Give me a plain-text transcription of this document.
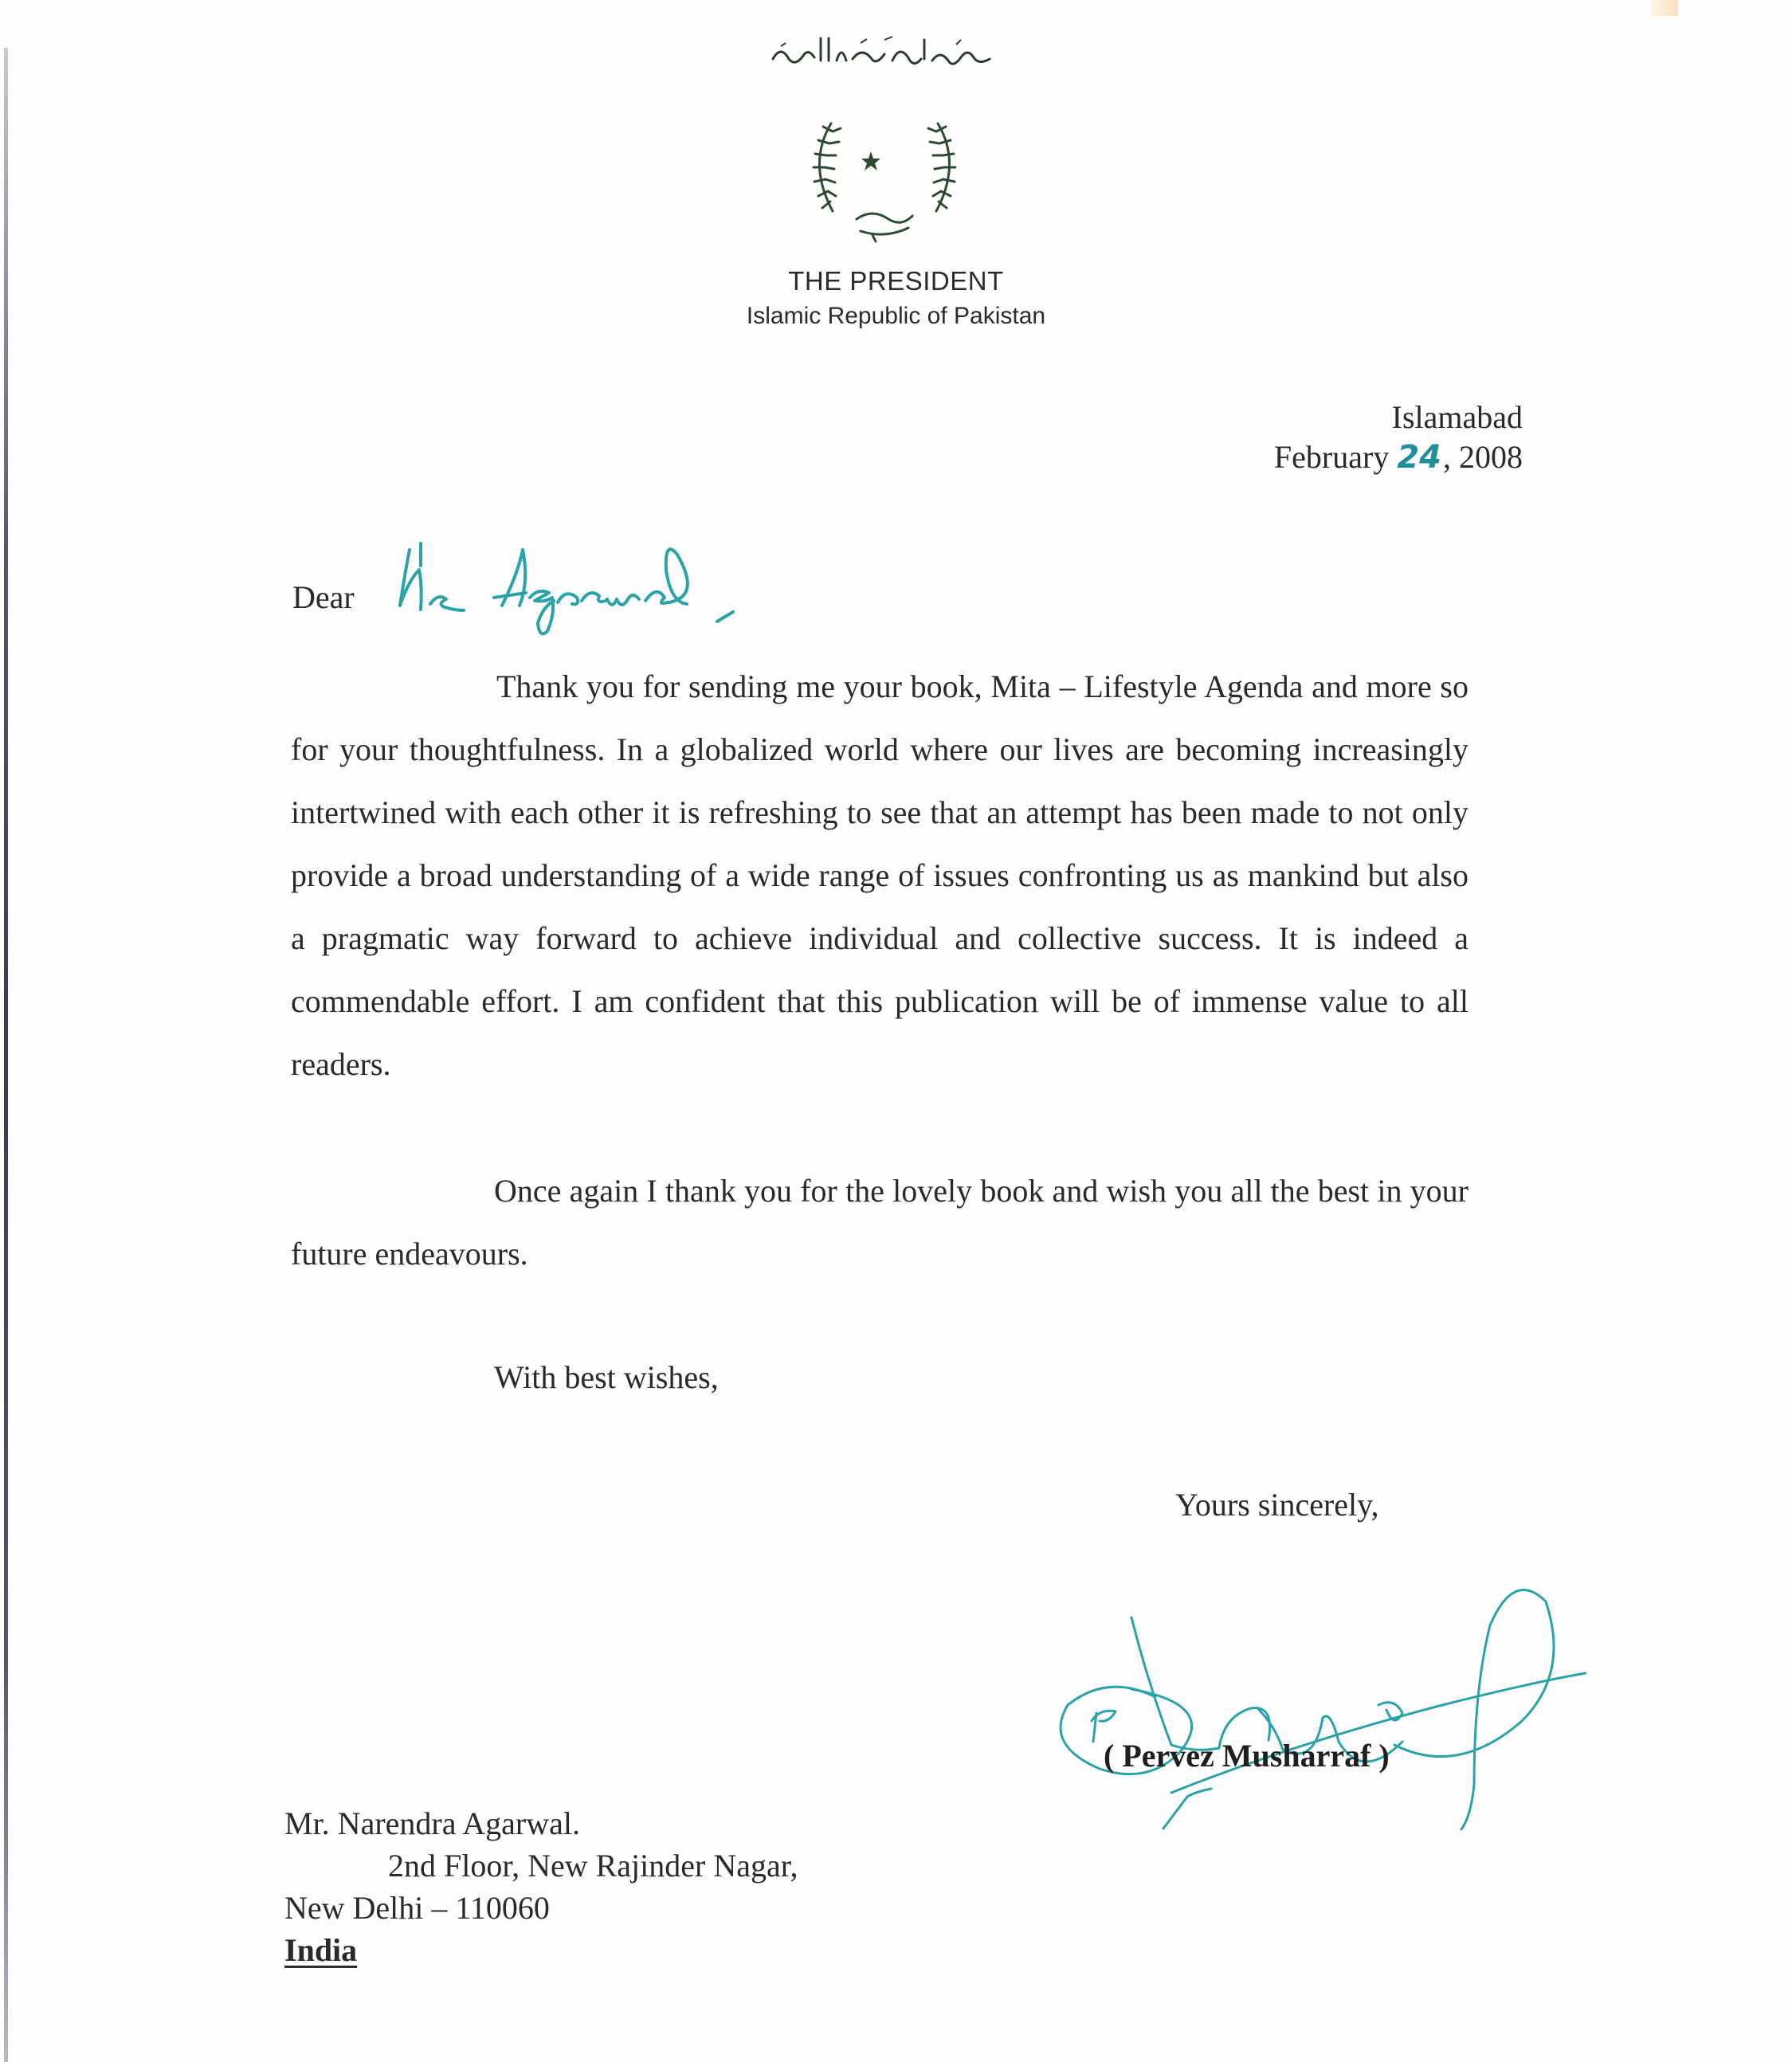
THE PRESIDENT
Islamic Republic of Pakistan
Islamabad
February 24, 2008
Dear
Thank you for sending me your book, Mita – Lifestyle Agenda and more so for your thoughtfulness. In a globalized world where our lives are becoming increasingly intertwined with each other it is refreshing to see that an attempt has been made to not only provide a broad understanding of a wide range of issues confronting us as mankind but also a pragmatic way forward to achieve individual and collective success. It is indeed a commendable effort. I am confident that this publication will be of immense value to all readers.
Once again I thank you for the lovely book and wish you all the best in your future endeavours.
With best wishes,
Yours sincerely,
( Pervez Musharraf )
Mr. Narendra Agarwal.
2nd Floor, New Rajinder Nagar,
New Delhi – 110060
India
